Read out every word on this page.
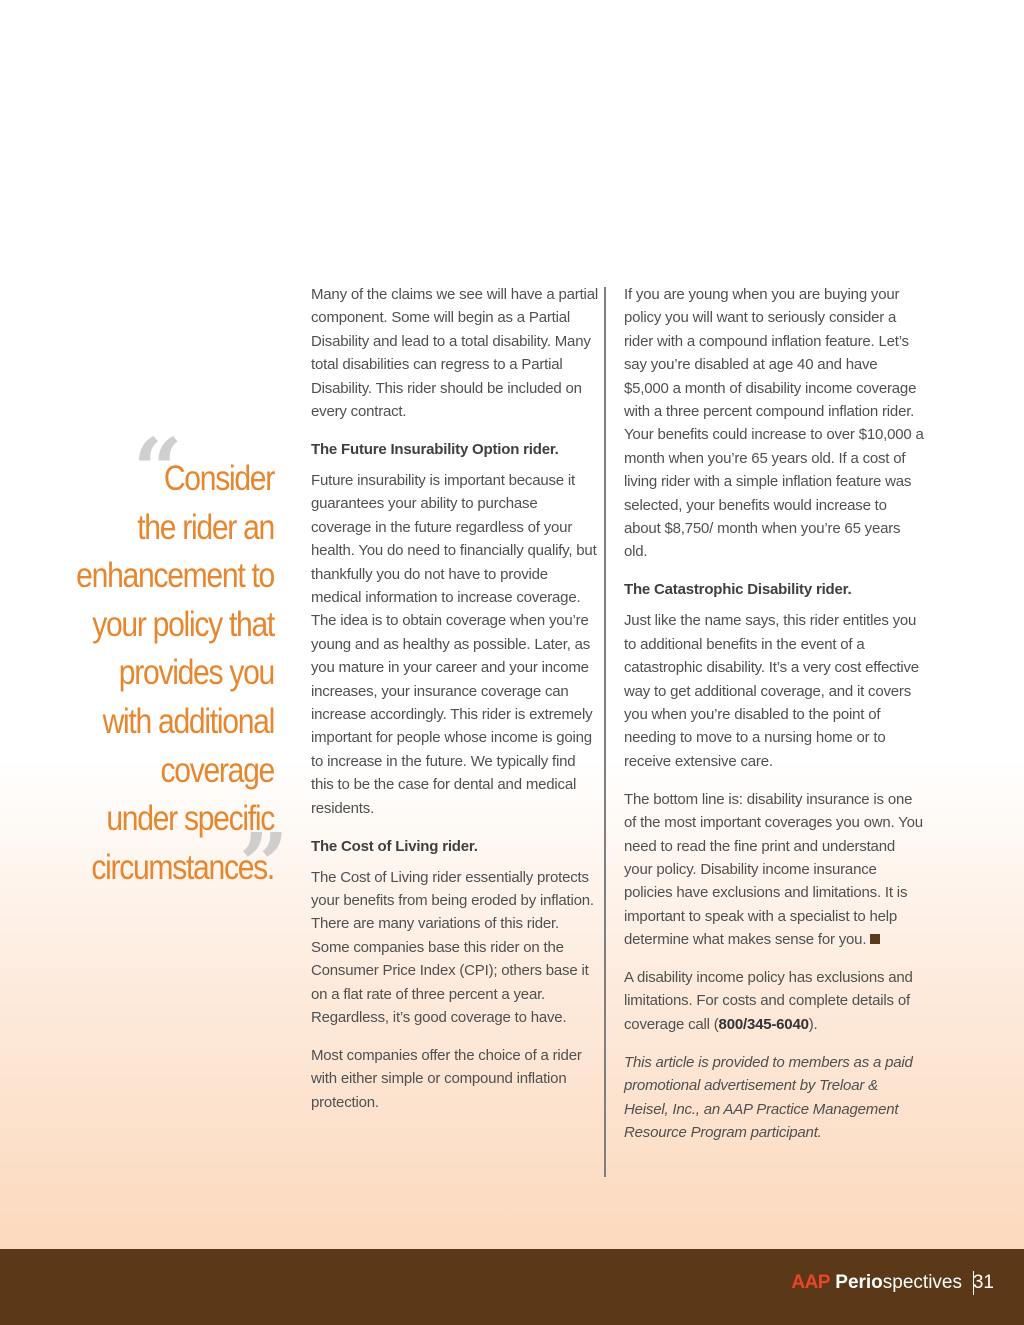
“
Consider
the rider an
enhancement to
your policy that
provides you
with additional
coverage
under specific
circumstances.
”

Many of the claims we see will have a partial component. Some will begin as a Partial Disability and lead to a total disability. Many total disabilities can regress to a Partial Disability. This rider should be included on every contract.

The Future Insurability Option rider.

Future insurability is important because it guarantees your ability to purchase coverage in the future regardless of your health. You do need to financially qualify, but thankfully you do not have to provide medical information to increase coverage. The idea is to obtain coverage when you’re young and as healthy as possible. Later, as you mature in your career and your income increases, your insurance coverage can increase accordingly. This rider is extremely important for people whose income is going to increase in the future. We typically find this to be the case for dental and medical residents.

The Cost of Living rider.

The Cost of Living rider essentially protects your benefits from being eroded by inflation. There are many variations of this rider. Some companies base this rider on the Consumer Price Index (CPI); others base it on a flat rate of three percent a year. Regardless, it’s good coverage to have.

Most companies offer the choice of a rider with either simple or compound inflation protection.

If you are young when you are buying your policy you will want to seriously consider a rider with a compound inflation feature. Let’s say you’re disabled at age 40 and have $5,000 a month of disability income coverage with a three percent compound inflation rider. Your benefits could increase to over $10,000 a month when you’re 65 years old. If a cost of living rider with a simple inflation feature was selected, your benefits would increase to about $8,750/ month when you’re 65 years old.

The Catastrophic Disability rider.

Just like the name says, this rider entitles you to additional benefits in the event of a catastrophic disability. It’s a very cost effective way to get additional coverage, and it covers you when you’re disabled to the point of needing to move to a nursing home or to receive extensive care.

The bottom line is: disability insurance is one of the most important coverages you own. You need to read the fine print and understand your policy. Disability income insurance policies have exclusions and limitations. It is important to speak with a specialist to help determine what makes sense for you.

A disability income policy has exclusions and limitations. For costs and complete details of coverage call (800/345-6040).

This article is provided to members as a paid promotional advertisement by Treloar & Heisel, Inc., an AAP Practice Management Resource Program participant.

AAP Periospectives 31
